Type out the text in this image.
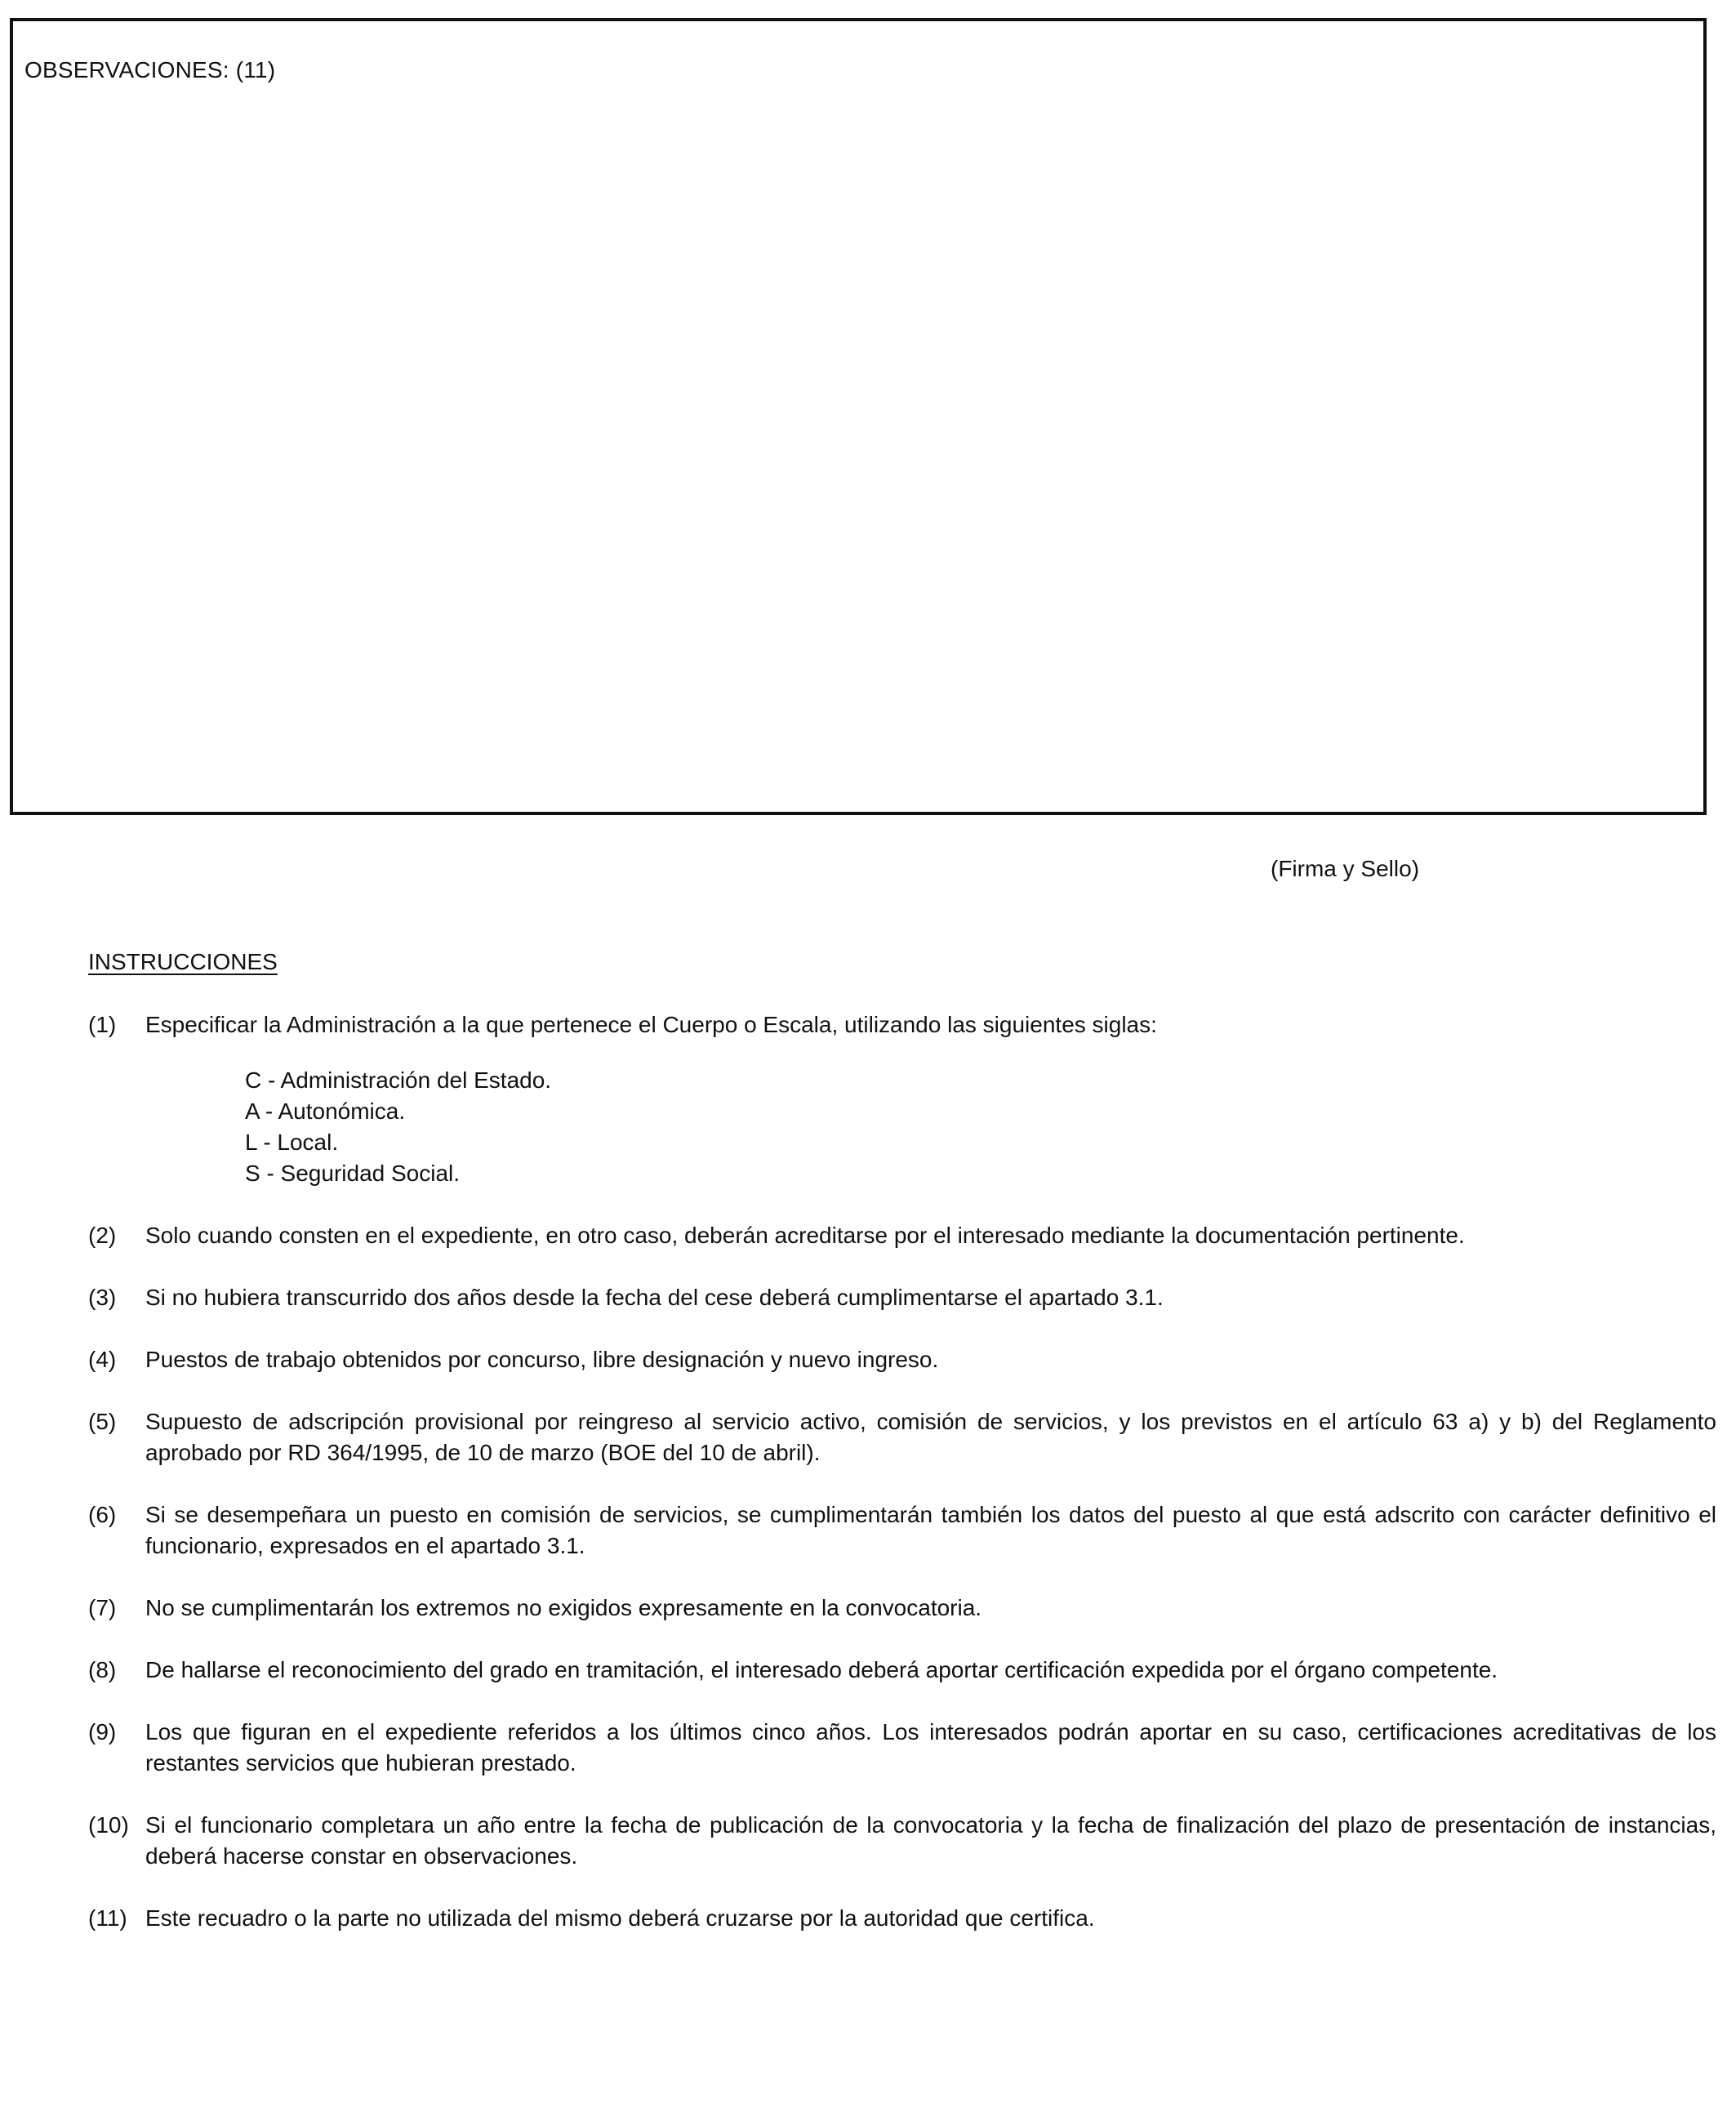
OBSERVACIONES: (11)
(Firma y Sello)
INSTRUCCIONES
(1)	Especificar la Administración a la que pertenece el Cuerpo o Escala, utilizando las siguientes siglas:
C - Administración del Estado.
A - Autonómica.
L - Local.
S - Seguridad Social.
(2)	Solo cuando consten en el expediente, en otro caso, deberán acreditarse por el interesado mediante la documentación pertinente.
(3)	Si no hubiera transcurrido dos años desde la fecha del cese deberá cumplimentarse el apartado 3.1.
(4)	Puestos de trabajo obtenidos por concurso, libre designación y nuevo ingreso.
(5)	Supuesto de adscripción provisional por reingreso al servicio activo, comisión de servicios, y los previstos en el artículo 63 a) y b) del Reglamento aprobado por RD 364/1995, de 10 de marzo (BOE del 10 de abril).
(6)	Si se desempeñara un puesto en comisión de servicios, se cumplimentarán también los datos del puesto al que está adscrito con carácter definitivo el funcionario, expresados en el apartado 3.1.
(7)	No se cumplimentarán los extremos no exigidos expresamente en la convocatoria.
(8)	De hallarse el reconocimiento del grado en tramitación, el interesado deberá aportar certificación expedida por el órgano competente.
(9)	Los que figuran en el expediente referidos a los últimos cinco años. Los interesados podrán aportar en su caso, certificaciones acreditativas de los restantes servicios que hubieran prestado.
(10) Si el funcionario completara un año entre la fecha de publicación de la convocatoria y la fecha de finalización del plazo de presentación de instancias, deberá hacerse constar en observaciones.
(11) Este recuadro o la parte no utilizada del mismo deberá cruzarse por la autoridad que certifica.
